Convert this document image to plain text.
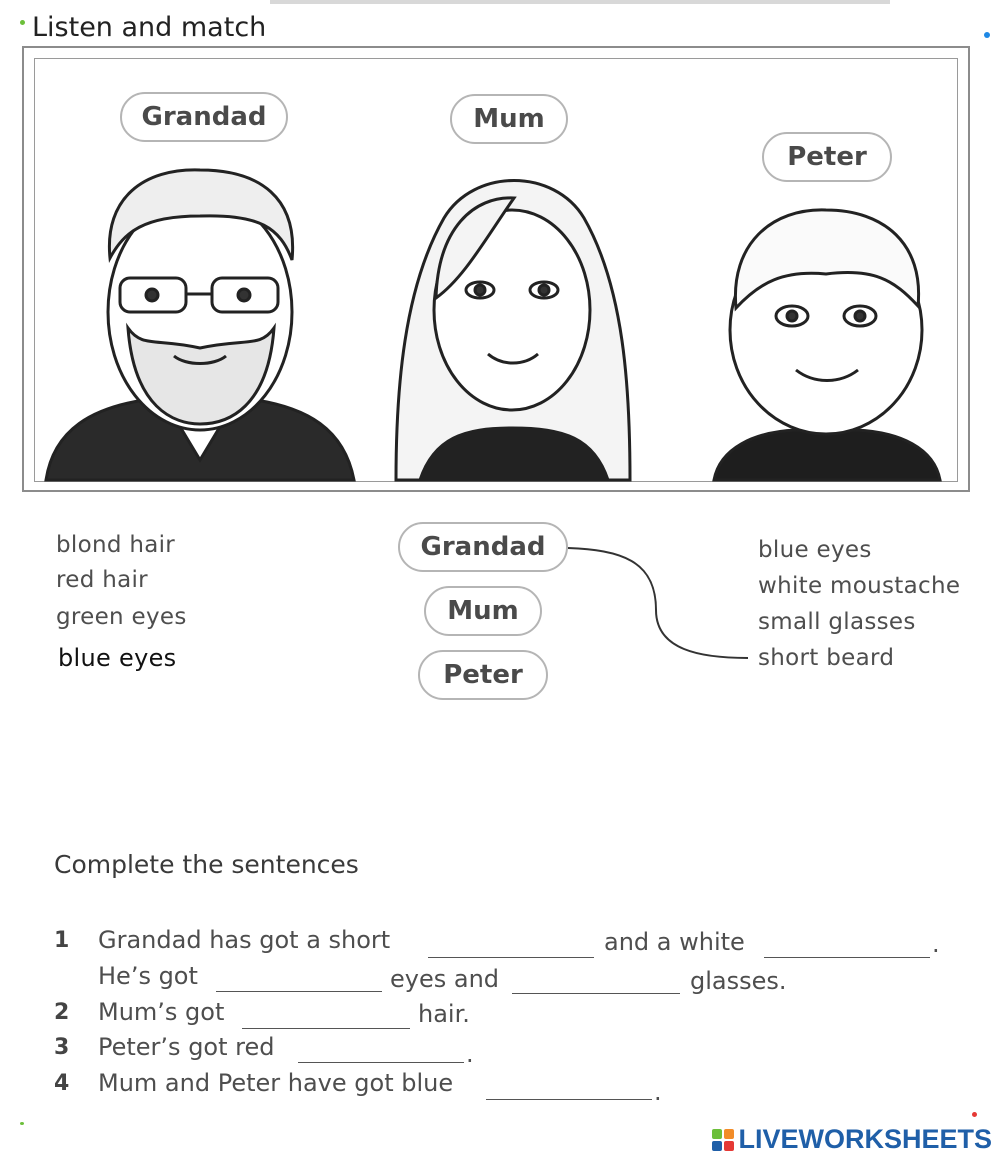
Listen and match
Grandad	Mum
Peter
blond hair
red hair
green eyes
blue eyes
Grandad
Mum
Peter
blue eyes
white moustache
small glasses
short beard
Complete the sentences
1 Grandad has got a short	and a white	.
He’s got	eyes and	glasses.
2 Mum’s got	hair.
3 Peter’s got red	.
4 Mum and Peter have got blue	.
LIVEWORKSHEETS
